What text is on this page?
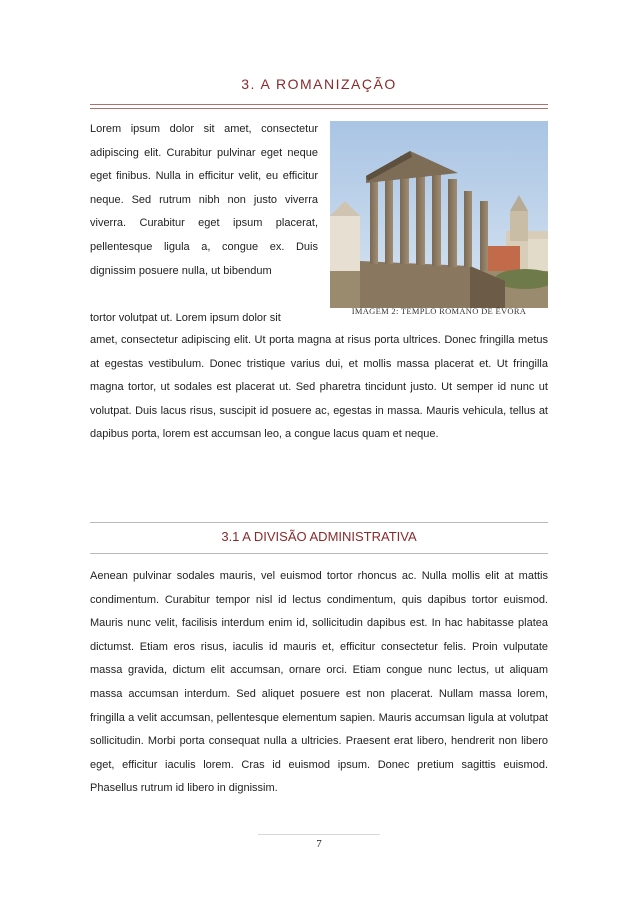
3. A ROMANIZAÇÃO

Lorem ipsum dolor sit amet, consectetur adipiscing elit. Curabitur pulvinar eget neque eget finibus. Nulla in efficitur velit, eu efficitur neque. Sed rutrum nibh non justo viverra viverra. Curabitur eget ipsum placerat, pellentesque ligula a, congue ex. Duis dignissim posuere nulla, ut bibendum
tortor volutpat ut. Lorem ipsum dolor sit

IMAGEM 2: TEMPLO ROMANO DE ÉVORA

amet, consectetur adipiscing elit. Ut porta magna at risus porta ultrices. Donec fringilla metus at egestas vestibulum. Donec tristique varius dui, et mollis massa placerat et. Ut fringilla magna tortor, ut sodales est placerat ut. Sed pharetra tincidunt justo. Ut semper id nunc ut volutpat. Duis lacus risus, suscipit id posuere ac, egestas in massa. Mauris vehicula, tellus at dapibus porta, lorem est accumsan leo, a congue lacus quam et neque.

3.1 A DIVISÃO ADMINISTRATIVA

Aenean pulvinar sodales mauris, vel euismod tortor rhoncus ac. Nulla mollis elit at mattis condimentum. Curabitur tempor nisl id lectus condimentum, quis dapibus tortor euismod. Mauris nunc velit, facilisis interdum enim id, sollicitudin dapibus est. In hac habitasse platea dictumst. Etiam eros risus, iaculis id mauris et, efficitur consectetur felis. Proin vulputate massa gravida, dictum elit accumsan, ornare orci. Etiam congue nunc lectus, ut aliquam massa accumsan interdum. Sed aliquet posuere est non placerat. Nullam massa lorem, fringilla a velit accumsan, pellentesque elementum sapien. Mauris accumsan ligula at volutpat sollicitudin. Morbi porta consequat nulla a ultricies. Praesent erat libero, hendrerit non libero eget, efficitur iaculis lorem. Cras id euismod ipsum. Donec pretium sagittis euismod. Phasellus rutrum id libero in dignissim.

7
